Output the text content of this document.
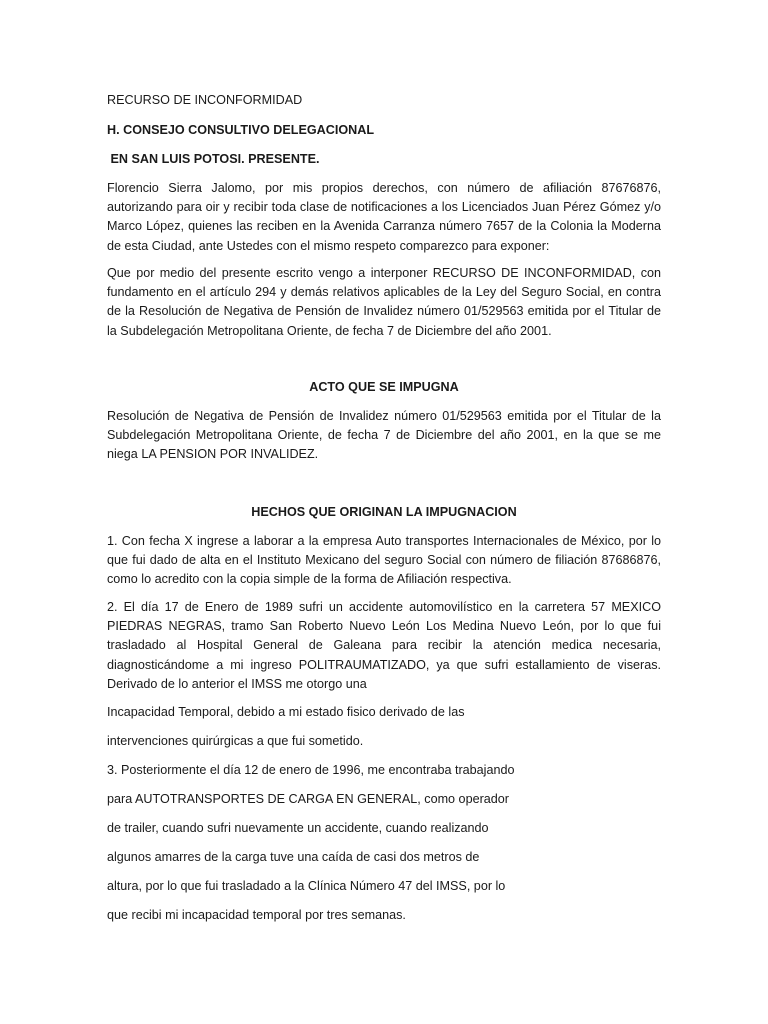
RECURSO DE INCONFORMIDAD
H. CONSEJO CONSULTIVO DELEGACIONAL
EN SAN LUIS POTOSI. PRESENTE.
Florencio Sierra Jalomo, por mis propios derechos, con número de afiliación 87676876, autorizando para oir y recibir toda clase de notificaciones a los Licenciados Juan Pérez Gómez y/o Marco López, quienes las reciben en la Avenida Carranza número 7657 de la Colonia la Moderna de esta Ciudad, ante Ustedes con el mismo respeto comparezco para exponer:
Que por medio del presente escrito vengo a interponer RECURSO DE INCONFORMIDAD, con fundamento en el artículo 294 y demás relativos aplicables de la Ley del Seguro Social, en contra de la Resolución de Negativa de Pensión de Invalidez número 01/529563 emitida por el Titular de la Subdelegación Metropolitana Oriente, de fecha 7 de Diciembre del año 2001.
ACTO QUE SE IMPUGNA
Resolución de Negativa de Pensión de Invalidez número 01/529563 emitida por el Titular de la Subdelegación Metropolitana Oriente, de fecha 7 de Diciembre del año 2001, en la que se me niega LA PENSION POR INVALIDEZ.
HECHOS QUE ORIGINAN LA IMPUGNACION
1. Con fecha X ingrese a laborar a la empresa Auto transportes Internacionales de México, por lo que fui dado de alta en el Instituto Mexicano del seguro Social con número de filiación 87686876, como lo acredito con la copia simple de la forma de Afiliación respectiva.
2. El día 17 de Enero de 1989 sufri un accidente automovilístico en la carretera 57 MEXICO PIEDRAS NEGRAS, tramo San Roberto Nuevo León Los Medina Nuevo León, por lo que fui trasladado al Hospital General de Galeana para recibir la atención medica necesaria, diagnosticándome a mi ingreso POLITRAUMATIZADO, ya que sufri estallamiento de viseras. Derivado de lo anterior el IMSS me otorgo una
Incapacidad Temporal, debido a mi estado fisico derivado de las
intervenciones quirúrgicas a que fui sometido.
3. Posteriormente el día 12 de enero de 1996, me encontraba trabajando
para AUTOTRANSPORTES DE CARGA EN GENERAL, como operador
de trailer, cuando sufri nuevamente un accidente, cuando realizando
algunos amarres de la carga tuve una caída de casi dos metros de
altura, por lo que fui trasladado a la Clínica Número 47 del IMSS, por lo
que recibi mi incapacidad temporal por tres semanas.
